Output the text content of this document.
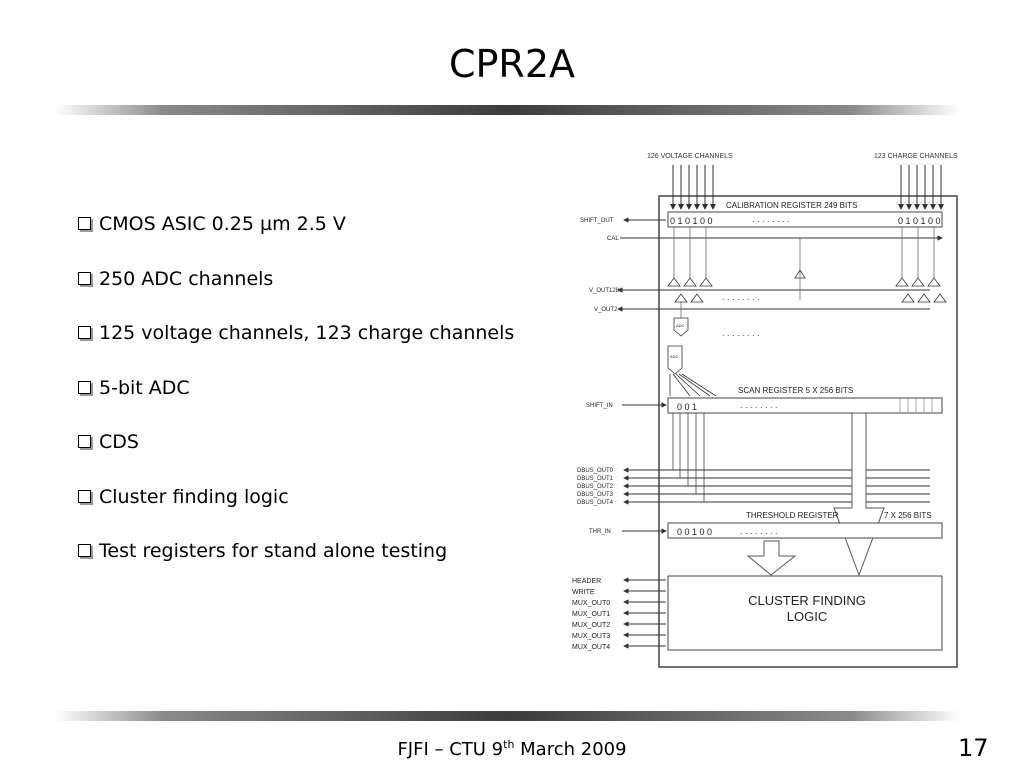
CPR2A
CMOS ASIC 0.25 µm 2.5 V
250 ADC channels
125 voltage channels, 123 charge channels
5-bit ADC
CDS
Cluster finding logic
Test registers for stand alone testing
126 VOLTAGE CHANNELS	123 CHARGE CHANNELS
CALIBRATION REGISTER 249 BITS
0 1 0 1 0 0	. . . . . . . .	0 1 0 1 0 0
SHIFT_OUT
CAL
V_OUT128
V_OUT2
SHIFT_IN
THR_IN
. . . . . . . .
. . . . . . . .
ADC
ADC
SCAN REGISTER 5 X 256 BITS
0 0 1	. . . . . . . .
DBUS_OUT0
DBUS_OUT1
DBUS_OUT2
DBUS_OUT3
DBUS_OUT4
THRESHOLD REGISTER	7 X 256 BITS
0 0 1 0 0	. . . . . . . .
CLUSTER FINDING
LOGIC
HEADER
WRITE
MUX_OUT0
MUX_OUT1
MUX_OUT2
MUX_OUT3
MUX_OUT4
FJFI – CTU 9th March 2009	17
